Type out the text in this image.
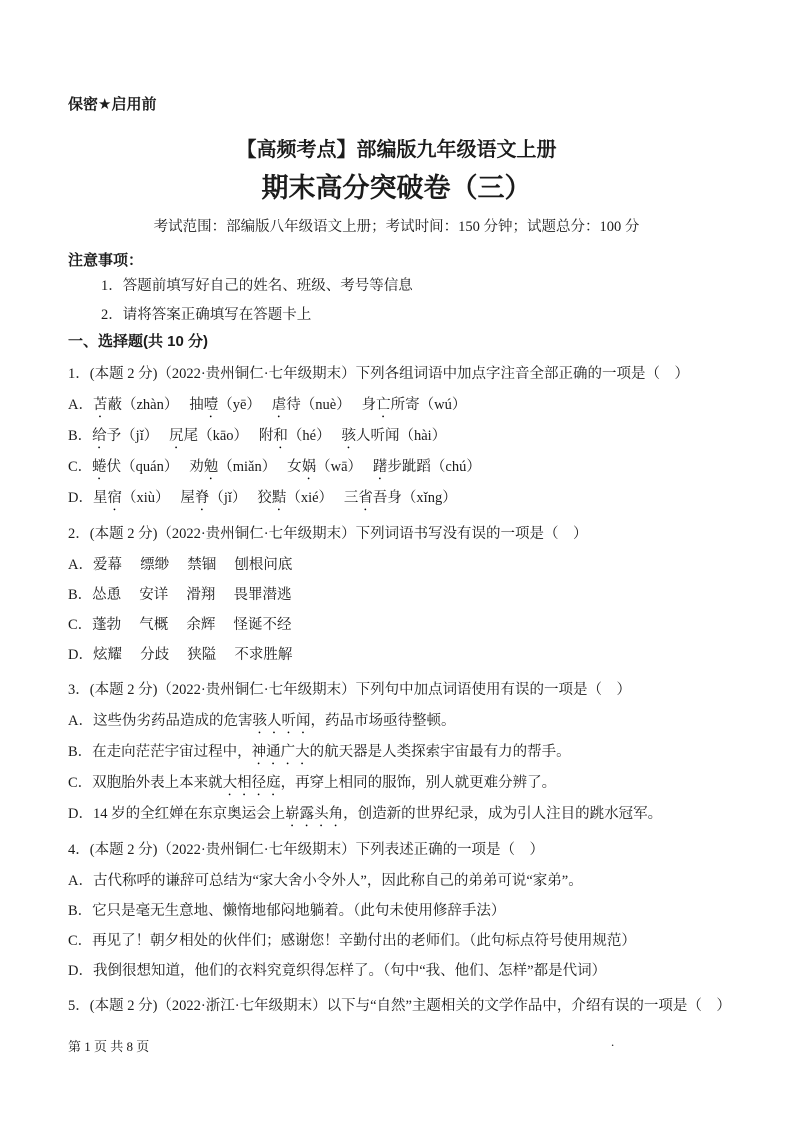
保密★启用前
【高频考点】部编版九年级语文上册
期末高分突破卷（三）
考试范围：部编版八年级语文上册；考试时间：150 分钟；试题总分：100 分
注意事项：
1．答题前填写好自己的姓名、班级、考号等信息
2．请将答案正确填写在答题卡上
一、选择题(共 10 分)
1．(本题 2 分)（2022·贵州铜仁·七年级期末）下列各组词语中加点字注音全部正确的一项是（　）
A．苫蔽（zhàn）　 抽噎（yē）　 虐待（nuè）　 身亡所寄（wú）
B．给予（jǐ）　 尻尾（kāo）　 附和（hé）　 骇人听闻（hài）
C．蜷伏（quán）　 劝勉（miǎn）　 女娲（wā）　 躇步跐蹈（chú）
D．星宿（xiù）　 屋脊（jǐ）　 狡黠（xié）　 三省吾身（xǐng）
2．(本题 2 分)（2022·贵州铜仁·七年级期末）下列词语书写没有误的一项是（　）
A．爱幕　 缥缈　 禁锢　 刨根问底
B．怂恿　 安详　 滑翔　 畏罪潜逃
C．蓬勃　 气概　 余辉　 怪诞不经
D．炫耀　 分歧　 狭隘　 不求胜解
3．(本题 2 分)（2022·贵州铜仁·七年级期末）下列句中加点词语使用有误的一项是（　）
A．这些伪劣药品造成的危害骇人听闻，药品市场亟待整顿。
B．在走向茫茫宇宙过程中，神通广大的航天器是人类探索宇宙最有力的帮手。
C．双胞胎外表上本来就大相径庭，再穿上相同的服饰，别人就更难分辨了。
D．14 岁的全红婵在东京奥运会上崭露头角，创造新的世界纪录，成为引人注目的跳水冠军。
4．(本题 2 分)（2022·贵州铜仁·七年级期末）下列表述正确的一项是（　）
A．古代称呼的谦辞可总结为“家大舍小令外人”，因此称自己的弟弟可说“家弟”。
B．它只是毫无生意地、懒惰地郁闷地躺着。（此句未使用修辞手法）
C．再见了！朝夕相处的伙伴们；感谢您！辛勤付出的老师们。（此句标点符号使用规范）
D．我倒很想知道，他们的衣料究竟织得怎样了。（句中“我、他们、怎样”都是代词）
5．(本题 2 分)（2022·浙江·七年级期末）以下与“自然”主题相关的文学作品中，介绍有误的一项是（　）
第 1 页 共 8 页	.
